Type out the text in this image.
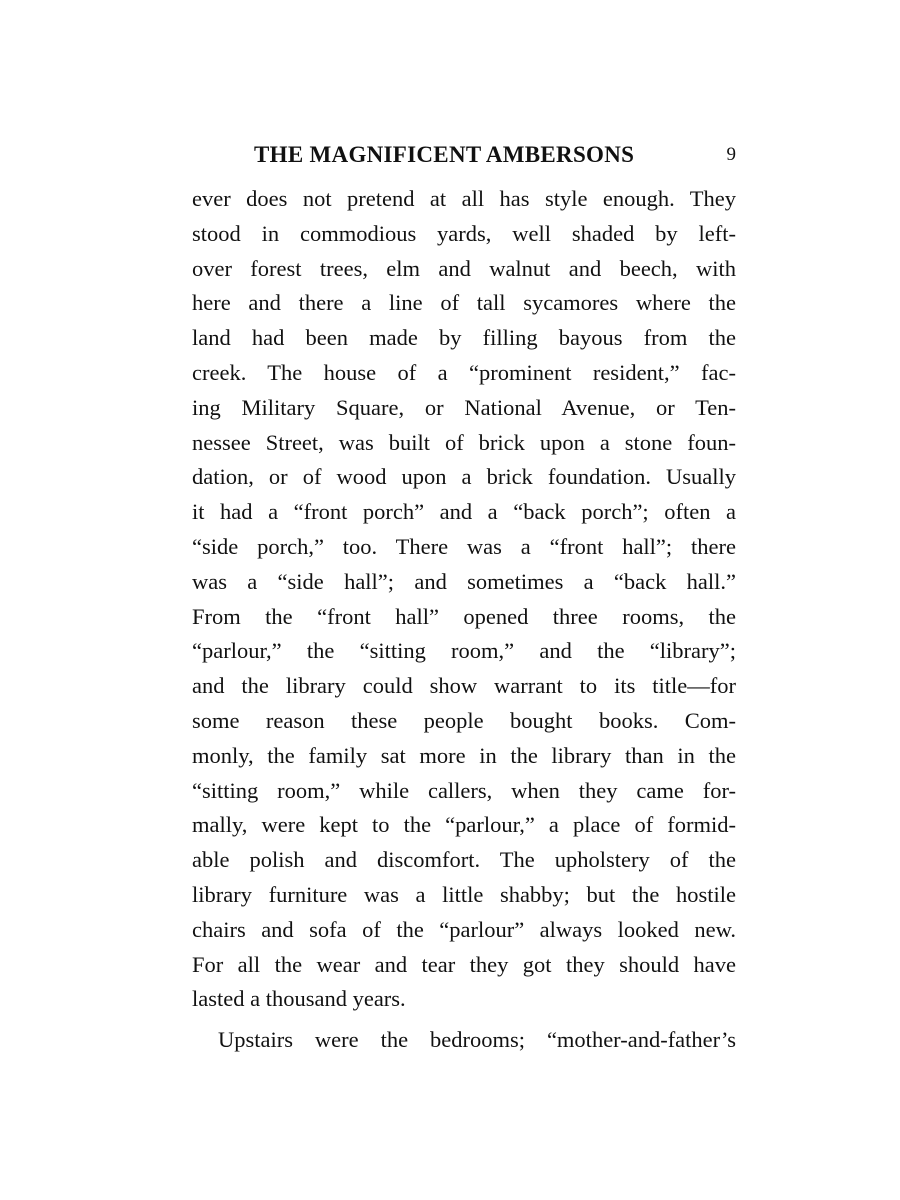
THE MAGNIFICENT AMBERSONS	9
ever does not pretend at all has style enough. They
stood in commodious yards, well shaded by left-
over forest trees, elm and walnut and beech, with
here and there a line of tall sycamores where the
land had been made by filling bayous from the
creek. The house of a “prominent resident,” fac-
ing Military Square, or National Avenue, or Ten-
nessee Street, was built of brick upon a stone foun-
dation, or of wood upon a brick foundation. Usually
it had a “front porch” and a “back porch”; often a
“side porch,” too. There was a “front hall”; there
was a “side hall”; and sometimes a “back hall.”
From the “front hall” opened three rooms, the
“parlour,” the “sitting room,” and the “library”;
and the library could show warrant to its title—for
some reason these people bought books. Com-
monly, the family sat more in the library than in the
“sitting room,” while callers, when they came for-
mally, were kept to the “parlour,” a place of formid-
able polish and discomfort. The upholstery of the
library furniture was a little shabby; but the hostile
chairs and sofa of the “parlour” always looked new.
For all the wear and tear they got they should have
lasted a thousand years.
Upstairs were the bedrooms; “mother-and-father’s
